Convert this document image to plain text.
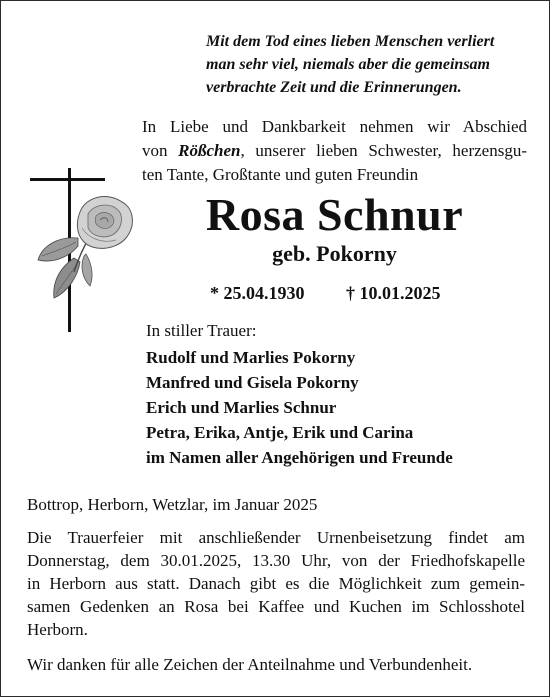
Mit dem Tod eines lieben Menschen verliert
man sehr viel, niemals aber die gemeinsam
verbrachte Zeit und die Erinnerungen.
In Liebe und Dankbarkeit nehmen wir Abschied
von Rößchen, unserer lieben Schwester, herzensgu-
ten Tante, Großtante und guten Freundin
Rosa Schnur
geb. Pokorny
* 25.04.1930 † 10.01.2025
In stiller Trauer:
Rudolf und Marlies Pokorny
Manfred und Gisela Pokorny
Erich und Marlies Schnur
Petra, Erika, Antje, Erik und Carina
im Namen aller Angehörigen und Freunde
Bottrop, Herborn, Wetzlar, im Januar 2025
Die Trauerfeier mit anschließender Urnenbeisetzung findet am
Donnerstag, dem 30.01.2025, 13.30 Uhr, von der Friedhofskapelle
in Herborn aus statt. Danach gibt es die Möglichkeit zum gemein-
samen Gedenken an Rosa bei Kaffee und Kuchen im Schlosshotel
Herborn.
Wir danken für alle Zeichen der Anteilnahme und Verbundenheit.
